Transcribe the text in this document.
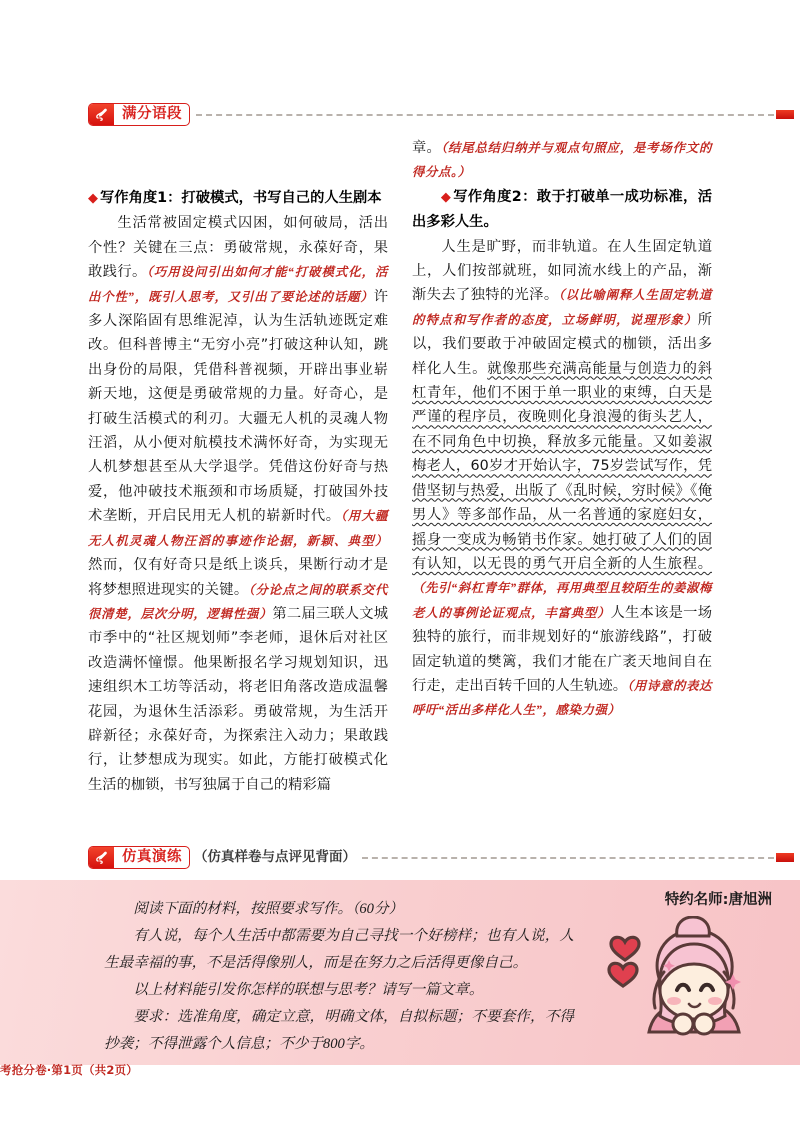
满分语段
◆ 写作角度1：打破模式，书写自己的人生剧本
生活常被固定模式囚困，如何破局，活出个性？关键在三点：勇破常规，永葆好奇，果敢践行。（巧用设问引出如何才能“打破模式化，活出个性”，既引人思考，又引出了要论述的话题）许多人深陷固有思维泥淖，认为生活轨迹既定难改。但科普博主“无穷小亮”打破这种认知，跳出身份的局限，凭借科普视频，开辟出事业崭新天地，这便是勇破常规的力量。好奇心，是打破生活模式的利刃。大疆无人机的灵魂人物汪滔，从小便对航模技术满怀好奇，为实现无人机梦想甚至从大学退学。凭借这份好奇与热爱，他冲破技术瓶颈和市场质疑，打破国外技术垄断，开启民用无人机的崭新时代。（用大疆无人机灵魂人物汪滔的事迹作论据，新颖、典型）然而，仅有好奇只是纸上谈兵，果断行动才是将梦想照进现实的关键。（分论点之间的联系交代很清楚，层次分明，逻辑性强）第二届三联人文城市季中的“社区规划师”李老师，退休后对社区改造满怀憧憬。他果断报名学习规划知识，迅速组织木工坊等活动，将老旧角落改造成温馨花园，为退休生活添彩。勇破常规，为生活开辟新径；永葆好奇，为探索注入动力；果敢践行，让梦想成为现实。如此，方能打破模式化生活的枷锁，书写独属于自己的精彩篇
章。（结尾总结归纳并与观点句照应，是考场作文的得分点。）
◆ 写作角度2：敢于打破单一成功标准，活出多彩人生。
人生是旷野，而非轨道。在人生固定轨道上，人们按部就班，如同流水线上的产品，渐渐失去了独特的光泽。（以比喻阐释人生固定轨道的特点和写作者的态度，立场鲜明，说理形象）所以，我们要敢于冲破固定模式的枷锁，活出多样化人生。就像那些充满高能量与创造力的斜杠青年，他们不困于单一职业的束缚，白天是严谨的程序员，夜晚则化身浪漫的街头艺人，在不同角色中切换，释放多元能量。又如姜淑梅老人，60岁才开始认字，75岁尝试写作，凭借坚韧与热爱，出版了《乱时候，穷时候》《俺男人》等多部作品，从一名普通的家庭妇女，摇身一变成为畅销书作家。她打破了人们的固有认知，以无畏的勇气开启全新的人生旅程。（先引“斜杠青年”群体，再用典型且较陌生的姜淑梅老人的事例论证观点，丰富典型）人生本该是一场独特的旅行，而非规划好的“旅游线路”，打破固定轨道的樊篱，我们才能在广袤天地间自在行走，走出百转千回的人生轨迹。（用诗意的表达呼吁“活出多样化人生”，感染力强）
仿真演练 （仿真样卷与点评见背面）

阅读下面的材料，按照要求写作。（60分）

有人说，每个人生活中都需要为自己寻找一个好榜样；也有人说，人生最幸福的事，不是活得像别人，而是在努力之后活得更像自己。

以上材料能引发你怎样的联想与思考？请写一篇文章。

要求：选准角度，确定立意，明确文体，自拟标题；不要套作，不得抄袭；不得泄露个人信息；不少于800字。

特约名师:唐旭洲
考抢分卷·第1页（共2页）
